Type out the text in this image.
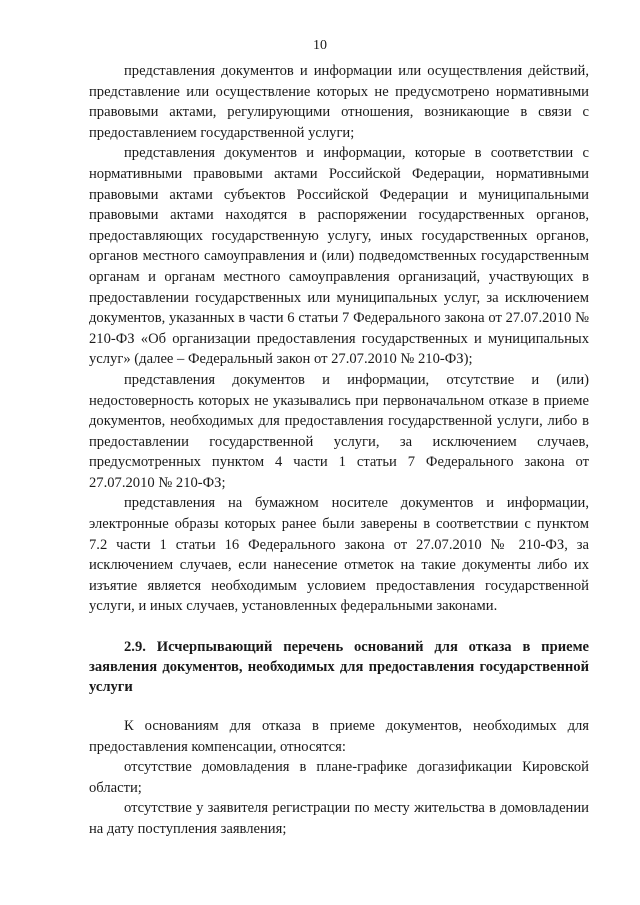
10

представления документов и информации или осуществления действий, представление или осуществление которых не предусмотрено нормативными правовыми актами, регулирующими отношения, возникающие в связи с предоставлением государственной услуги;

представления документов и информации, которые в соответствии с нормативными правовыми актами Российской Федерации, нормативными правовыми актами субъектов Российской Федерации и муниципальными правовыми актами находятся в распоряжении государственных органов, предоставляющих государственную услугу, иных государственных органов, органов местного самоуправления и (или) подведомственных государственным органам и органам местного самоуправления организаций, участвующих в предоставлении государственных или муниципальных услуг, за исключением документов, указанных в части 6 статьи 7 Федерального закона от 27.07.2010 № 210-ФЗ «Об организации предоставления государственных и муниципальных услуг» (далее – Федеральный закон от 27.07.2010 № 210-ФЗ);

представления документов и информации, отсутствие и (или) недостоверность которых не указывались при первоначальном отказе в приеме документов, необходимых для предоставления государственной услуги, либо в предоставлении государственной услуги, за исключением случаев, предусмотренных пунктом 4 части 1 статьи 7 Федерального закона от 27.07.2010 № 210-ФЗ;

представления на бумажном носителе документов и информации, электронные образы которых ранее были заверены в соответствии с пунктом 7.2 части 1 статьи 16 Федерального закона от 27.07.2010 № 210-ФЗ, за исключением случаев, если нанесение отметок на такие документы либо их изъятие является необходимым условием предоставления государственной услуги, и иных случаев, установленных федеральными законами.

2.9. Исчерпывающий перечень оснований для отказа в приеме заявления документов, необходимых для предоставления государственной услуги

К основаниям для отказа в приеме документов, необходимых для предоставления компенсации, относятся:

отсутствие домовладения в плане-графике догазификации Кировской области;

отсутствие у заявителя регистрации по месту жительства в домовладении на дату поступления заявления;
